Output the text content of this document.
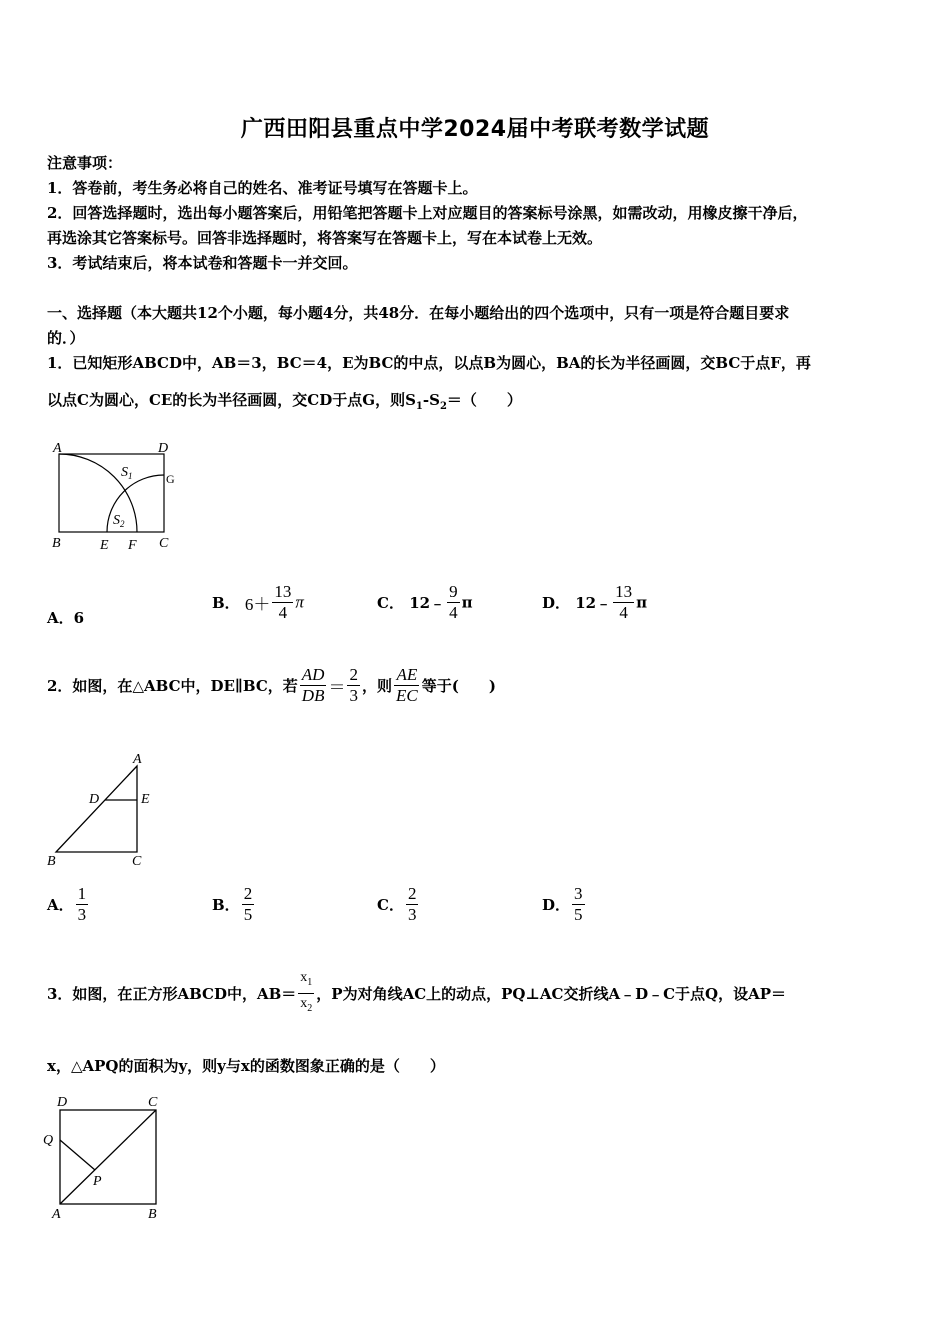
广西田阳县重点中学2024届中考联考数学试题
注意事项：
1．答卷前，考生务必将自己的姓名、准考证号填写在答题卡上。
2．回答选择题时，选出每小题答案后，用铅笔把答题卡上对应题目的答案标号涂黑，如需改动，用橡皮擦干净后，
再选涂其它答案标号。回答非选择题时，将答案写在答题卡上，写在本试卷上无效。
3．考试结束后，将本试卷和答题卡一并交回。
一、选择题（本大题共12个小题，每小题4分，共48分．在每小题给出的四个选项中，只有一项是符合题目要求
的．）
1．已知矩形ABCD中，AB＝3，BC＝4，E为BC的中点，以点B为圆心，BA的长为半径画圆，交BC于点F，再
以点C为圆心，CE的长为半径画圆，交CD于点G，则$S_1-S_2=$（　　）
A	D
B	E F C
G
$S_1$
$S_2$
A．6
B． $6+ \frac{13}{4}$ π	C． 12﹣ $\frac{9}{4}$ π	D． 12﹣ $\frac{13}{4}$ π
2．如图，在△ABC中，DE∥BC，若 $\frac{AD}{DB} = \frac{2}{3}$ ，则 $\frac{AE}{EC}$ 等于(　　)
A
D	E
B	C
A． $\frac{1}{3}$	B． $\frac{2}{5}$	C． $\frac{2}{3}$	D． $\frac{3}{5}$
3．如图，在正方形ABCD中，$AB= \frac{x_1}{x_2}$ ，P为对角线AC上的动点，PQ⊥AC交折线A﹣D﹣C于点Q，设AP＝
x，△APQ的面积为y，则y与x的函数图象正确的是（　　）
D	C
Q
P
A	B
